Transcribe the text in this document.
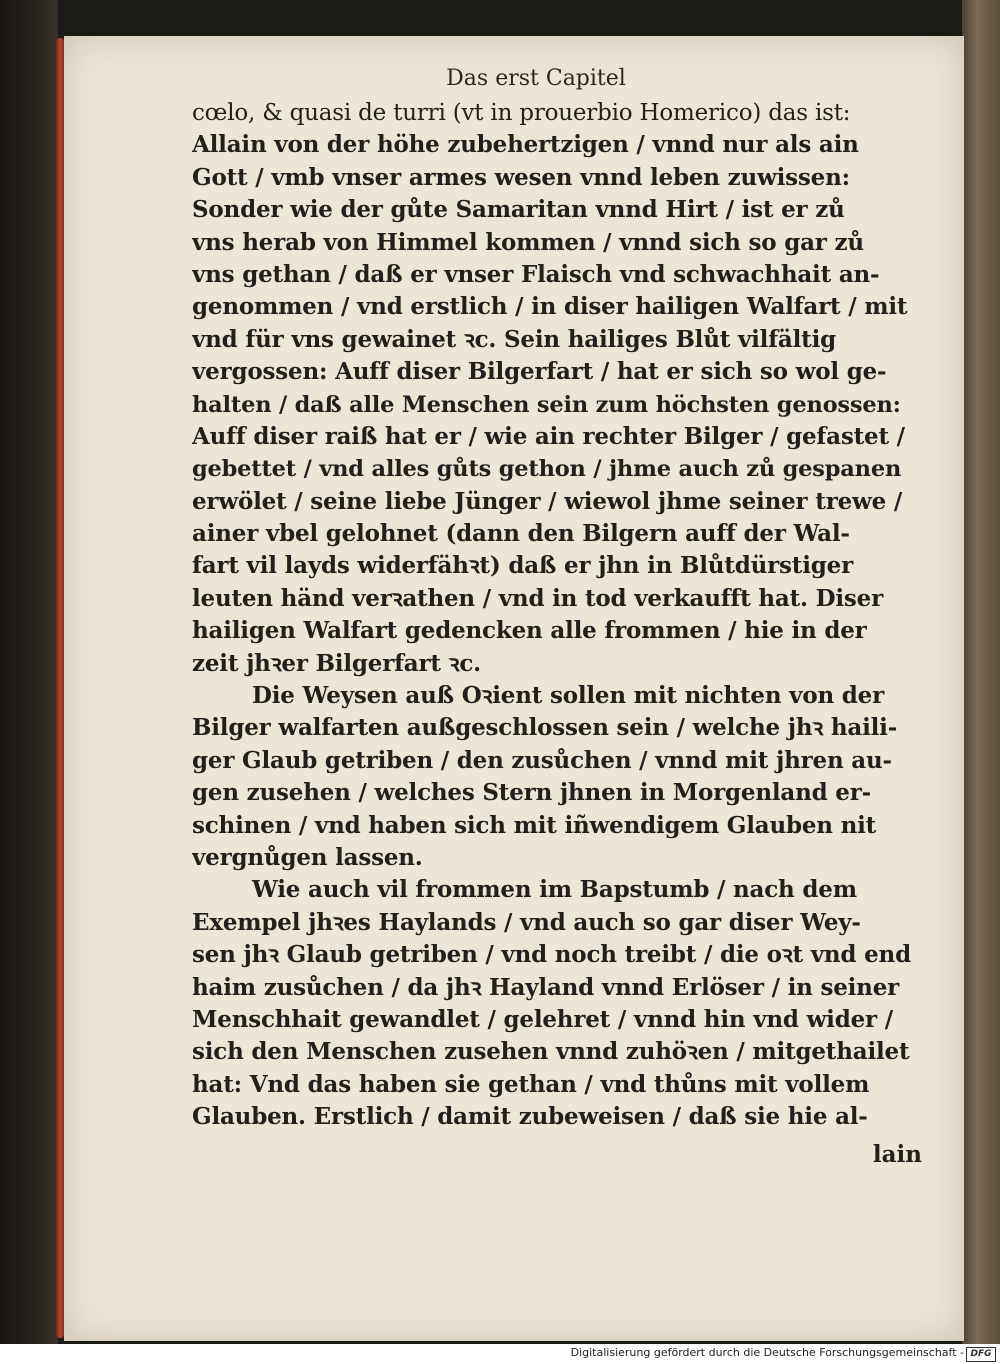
Das erst Capitel
cœlo, & quasi de turri (vt in prouerbio Homerico) das ist:
Allain von der höhe zubehertzigen / vnnd nur als ain
Gott / vmb vnser armes wesen vnnd leben zuwissen:
Sonder wie der gůte Samaritan vnnd Hirt / ist er zů
vns herab von Himmel kommen / vnnd sich so gar zů
vns gethan / daß er vnser Flaisch vnd schwachhait an-
genommen / vnd erstlich / in diser hailigen Walfart / mit
vnd für vns gewainet ꝛc. Sein hailiges Blůt vilfältig
vergossen: Auff diser Bilgerfart / hat er sich so wol ge-
halten / daß alle Menschen sein zum höchsten genossen:
Auff diser raiß hat er / wie ain rechter Bilger / gefastet /
gebettet / vnd alles gůts gethon / jhme auch zů gespanen
erwölet / seine liebe Jünger / wiewol jhme seiner trewe /
ainer vbel gelohnet (dann den Bilgern auff der Wal-
fart vil layds widerfähꝛt) daß er jhn in Blůtdürstiger
leuten händ verꝛathen / vnd in tod verkaufft hat. Diser
hailigen Walfart gedencken alle frommen / hie in der
zeit jhꝛer Bilgerfart ꝛc.
Die Weysen auß Oꝛient sollen mit nichten von der
Bilger walfarten außgeschlossen sein / welche jhꝛ haili-
ger Glaub getriben / den zusůchen / vnnd mit jhren au-
gen zusehen / welches Stern jhnen in Morgenland er-
schinen / vnd haben sich mit iñwendigem Glauben nit
vergnůgen lassen.
Wie auch vil frommen im Bapstumb / nach dem
Exempel jhꝛes Haylands / vnd auch so gar diser Wey-
sen jhꝛ Glaub getriben / vnd noch treibt / die oꝛt vnd end
haim zusůchen / da jhꝛ Hayland vnnd Erlöser / in seiner
Menschhait gewandlet / gelehret / vnnd hin vnd wider /
sich den Menschen zusehen vnnd zuhöꝛen / mitgethailet
hat: Vnd das haben sie gethan / vnd thůns mit vollem
Glauben. Erstlich / damit zubeweisen / daß sie hie al-
lain
Digitalisierung gefördert durch die Deutsche Forschungsgemeinschaft - DFG
